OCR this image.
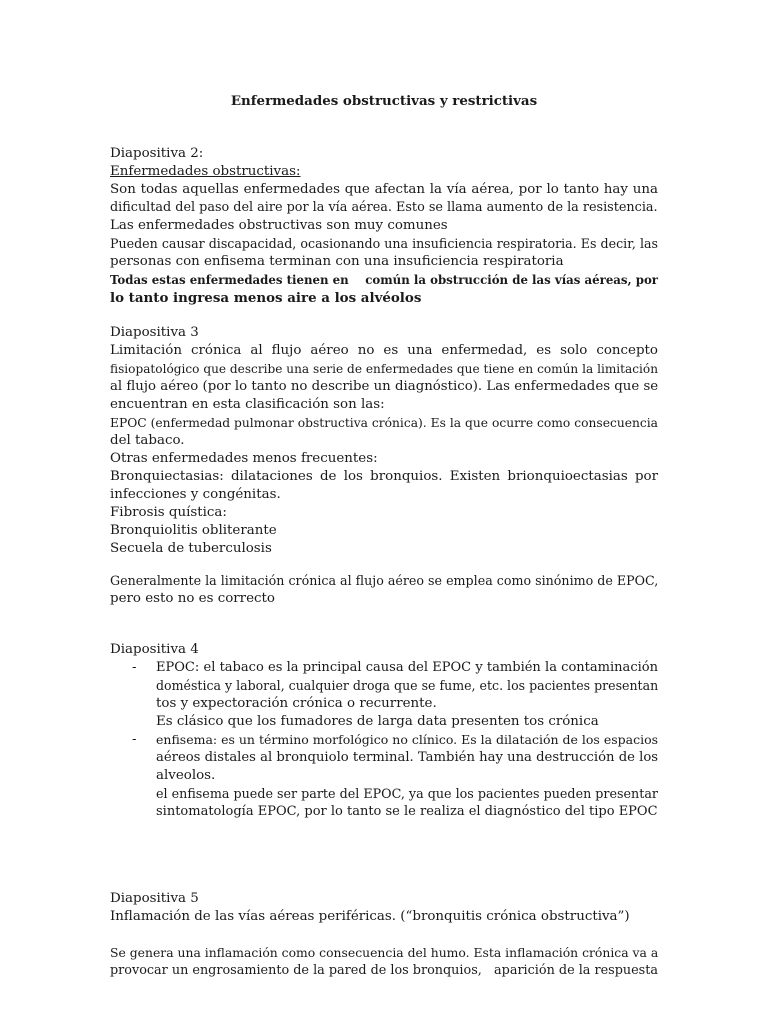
Enfermedades obstructivas y restrictivas
Diapositiva 2:
Enfermedades obstructivas:
Son todas aquellas enfermedades que afectan la vía aérea, por lo tanto hay una
dificultad del paso del aire por la vía aérea. Esto se llama aumento de la resistencia.
Las enfermedades obstructivas son muy comunes
Pueden causar discapacidad, ocasionando una insuficiencia respiratoria. Es decir, las
personas con enfisema terminan con una insuficiencia respiratoria
Todas estas enfermedades tienen en    común la obstrucción de las vías aéreas, por
lo tanto ingresa menos aire a los alvéolos
Diapositiva 3
Limitación crónica al flujo aéreo no es una enfermedad, es solo concepto
fisiopatológico que describe una serie de enfermedades que tiene en común la limitación
al flujo aéreo (por lo tanto no describe un diagnóstico). Las enfermedades que se
encuentran en esta clasificación son las:
EPOC (enfermedad pulmonar obstructiva crónica). Es la que ocurre como consecuencia
del tabaco.
Otras enfermedades menos frecuentes:
Bronquiectasias: dilataciones de los bronquios. Existen brionquioectasias por
infecciones y congénitas.
Fibrosis quística:
Bronquiolitis obliterante
Secuela de tuberculosis
Generalmente la limitación crónica al flujo aéreo se emplea como sinónimo de EPOC,
pero esto no es correcto
Diapositiva 4
- EPOC: el tabaco es la principal causa del EPOC y también la contaminación
doméstica y laboral, cualquier droga que se fume, etc. los pacientes presentan
tos y expectoración crónica o recurrente.
Es clásico que los fumadores de larga data presenten tos crónica
- enfisema: es un término morfológico no clínico. Es la dilatación de los espacios
aéreos distales al bronquiolo terminal. También hay una destrucción de los
alveolos.
el enfisema puede ser parte del EPOC, ya que los pacientes pueden presentar
sintomatología EPOC, por lo tanto se le realiza el diagnóstico del tipo EPOC
Diapositiva 5
Inflamación de las vías aéreas periféricas. (“bronquitis crónica obstructiva”)
Se genera una inflamación como consecuencia del humo. Esta inflamación crónica va a
provocar un engrosamiento de la pared de los bronquios,   aparición de la respuesta
